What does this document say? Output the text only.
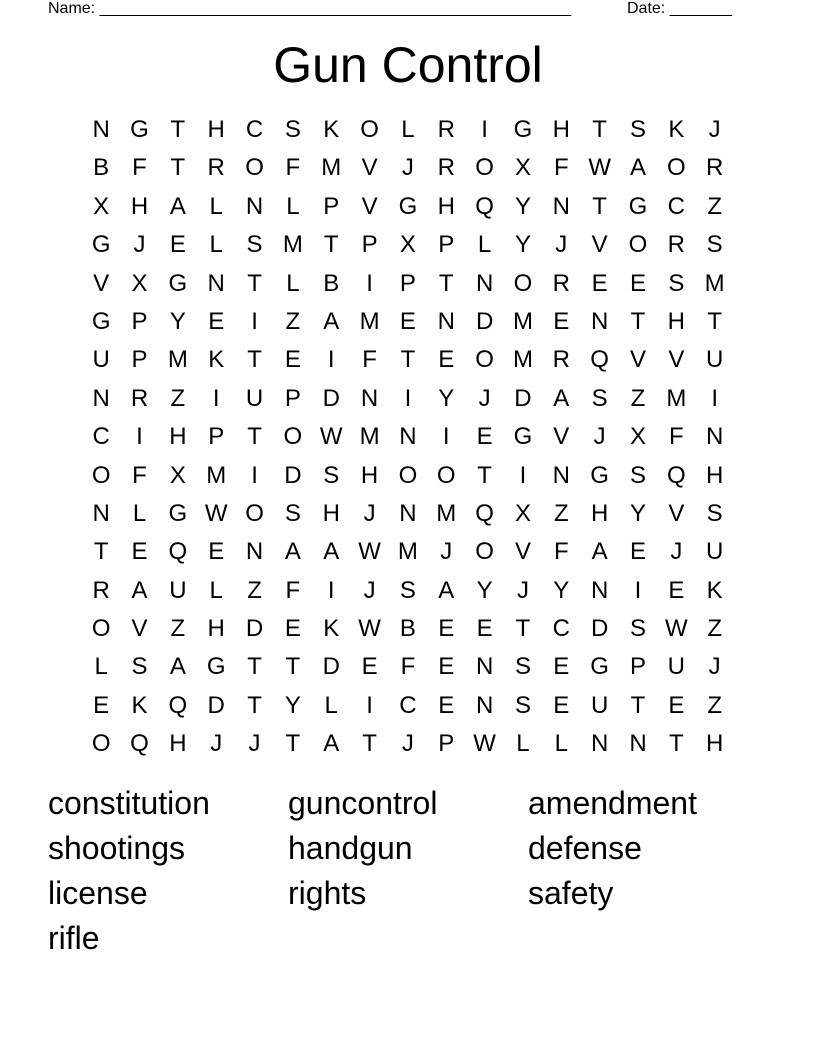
Name: _____________________________________________________	Date: _______
Gun Control
N G T H C S K O L R	I	G H T S K	J
B F T R O F M V	J R O X F W A O R
X H A L N L P V G H Q Y N T G C Z
G J	E L S M T P X P L Y	J	V O R S
V X G N T	L B	I	P T N O R E E S M
G P Y E	I	Z A M E N D M E N T H T
U P M K T E	I	F T E O M R Q V V U
N R Z	I	U P D N	I	Y	J D A S Z M	I
C	I	H P T O W M N	I	E G V	J	X F N
O F X M	I	D S H O O T	I	N G S Q H
N L G W O S H J N M Q X Z H Y V S
T E Q E N A A W M J O V F A E	J U
R A U L	Z F	I	J	S A Y	J	Y N	I	E K
O V Z H D E K W B E E T C D S W Z
L S A G T T D E F E N S E G P U J
E K Q D T Y L	I	C E N S E U T E Z
O Q H J	J	T A T	J	P W L	L N N T H
constitution	guncontrol	amendment
shootings	handgun	defense
license	rights	safety
rifle
